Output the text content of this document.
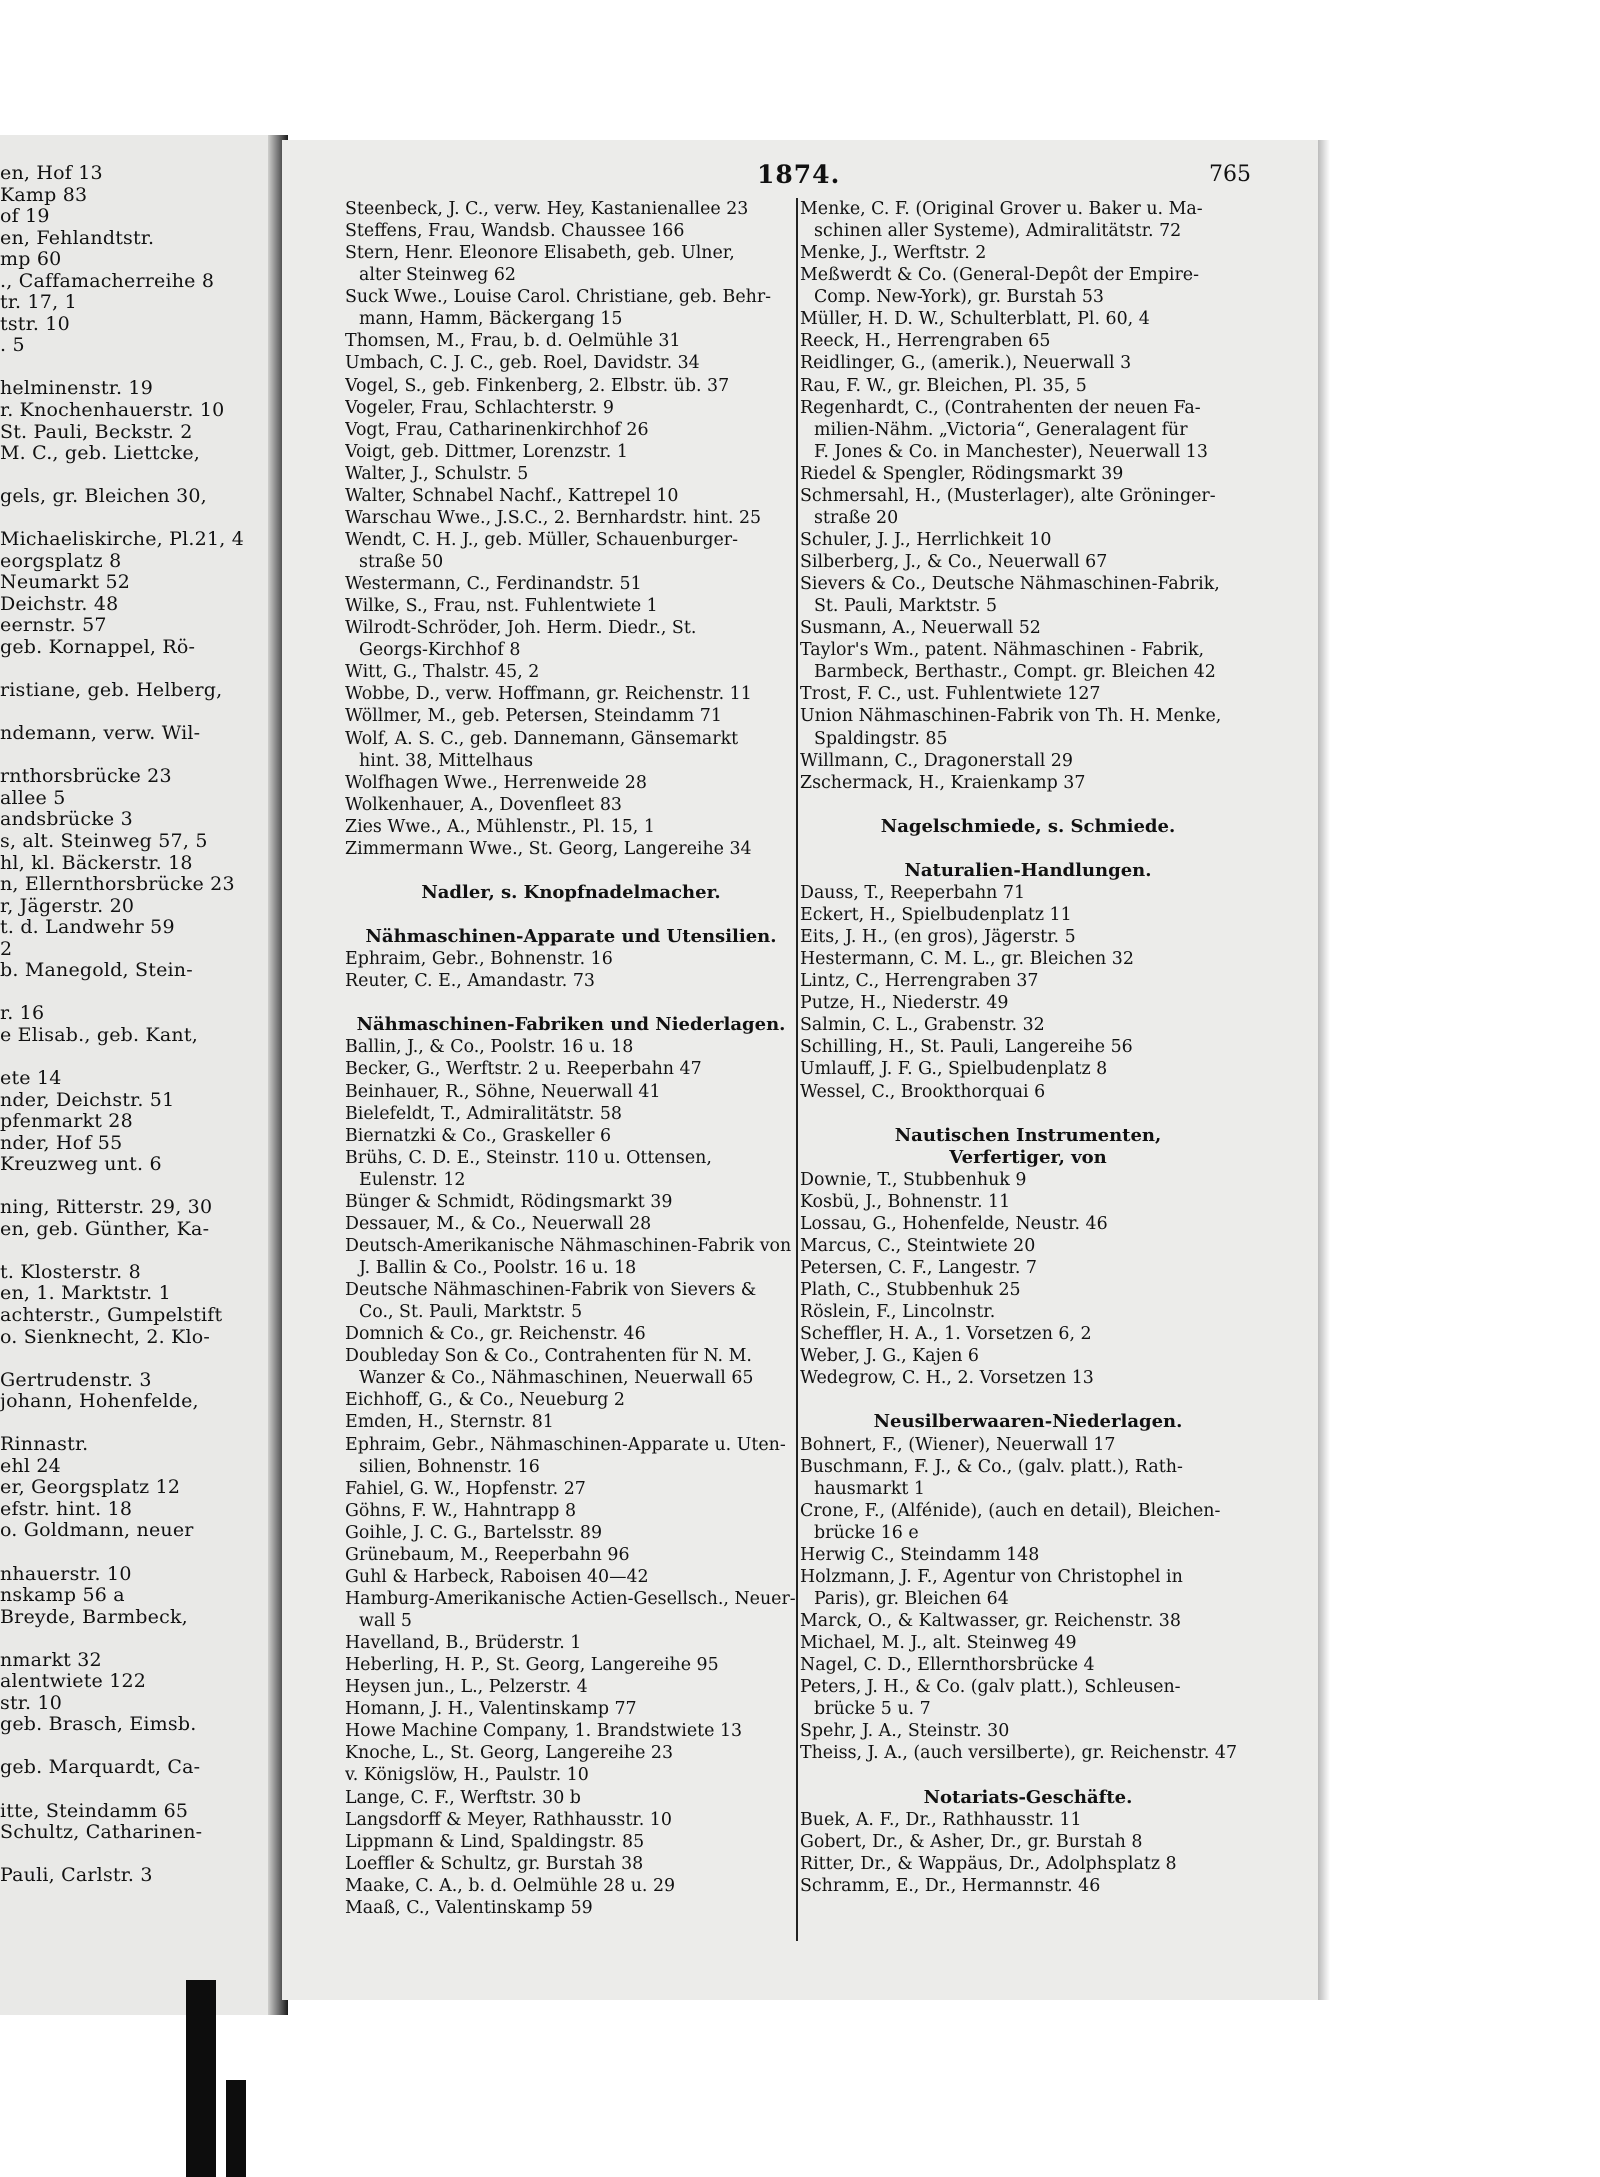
en, Hof 13
Kamp 83
of 19
en, Fehlandtstr.
mp 60
., Caffamacherreihe 8
tr. 17, 1
tstr. 10
. 5
helminenstr. 19
r. Knochenhauerstr. 10
St. Pauli, Beckstr. 2
M. C., geb. Liettcke,
gels, gr. Bleichen 30,
Michaeliskirche, Pl.21, 4
eorgsplatz 8
Neumarkt 52
Deichstr. 48
eernstr. 57
geb. Kornappel, Rö-
ristiane, geb. Helberg,
ndemann, verw. Wil-
rnthorsbrücke 23
allee 5
andsbrücke 3
s, alt. Steinweg 57, 5
hl, kl. Bäckerstr. 18
n, Ellernthorsbrücke 23
r, Jägerstr. 20
t. d. Landwehr 59
2
b. Manegold, Stein-
r. 16
e Elisab., geb. Kant,
ete 14
nder, Deichstr. 51
pfenmarkt 28
nder, Hof 55
Kreuzweg unt. 6
ning, Ritterstr. 29, 30
en, geb. Günther, Ka-
t. Klosterstr. 8
en, 1. Marktstr. 1
achterstr., Gumpelstift
o. Sienknecht, 2. Klo-
Gertrudenstr. 3
johann, Hohenfelde,
Rinnastr.
ehl 24
er, Georgsplatz 12
efstr. hint. 18
o. Goldmann, neuer
nhauerstr. 10
nskamp 56 a
Breyde, Barmbeck,
nmarkt 32
alentwiete 122
str. 10
geb. Brasch, Eimsb.
geb. Marquardt, Ca-
itte, Steindamm 65
Schultz, Catharinen-
Pauli, Carlstr. 3
1874.	765
Steenbeck, J. C., verw. Hey, Kastanienallee 23
Steffens, Frau, Wandsb. Chaussee 166
Stern, Henr. Eleonore Elisabeth, geb. Ulner,
alter Steinweg 62
Suck Wwe., Louise Carol. Christiane, geb. Behr-
mann, Hamm, Bäckergang 15
Thomsen, M., Frau, b. d. Oelmühle 31
Umbach, C. J. C., geb. Roel, Davidstr. 34
Vogel, S., geb. Finkenberg, 2. Elbstr. üb. 37
Vogeler, Frau, Schlachterstr. 9
Vogt, Frau, Catharinenkirchhof 26
Voigt, geb. Dittmer, Lorenzstr. 1
Walter, J., Schulstr. 5
Walter, Schnabel Nachf., Kattrepel 10
Warschau Wwe., J.S.C., 2. Bernhardstr. hint. 25
Wendt, C. H. J., geb. Müller, Schauenburger-
straße 50
Westermann, C., Ferdinandstr. 51
Wilke, S., Frau, nst. Fuhlentwiete 1
Wilrodt-Schröder, Joh. Herm. Diedr., St.
Georgs-Kirchhof 8
Witt, G., Thalstr. 45, 2
Wobbe, D., verw. Hoffmann, gr. Reichenstr. 11
Wöllmer, M., geb. Petersen, Steindamm 71
Wolf, A. S. C., geb. Dannemann, Gänsemarkt
hint. 38, Mittelhaus
Wolfhagen Wwe., Herrenweide 28
Wolkenhauer, A., Dovenfleet 83
Zies Wwe., A., Mühlenstr., Pl. 15, 1
Zimmermann Wwe., St. Georg, Langereihe 34
Nadler, s. Knopfnadelmacher.
Nähmaschinen-Apparate und Utensilien.
Ephraim, Gebr., Bohnenstr. 16
Reuter, C. E., Amandastr. 73
Nähmaschinen-Fabriken und Niederlagen.
Ballin, J., & Co., Poolstr. 16 u. 18
Becker, G., Werftstr. 2 u. Reeperbahn 47
Beinhauer, R., Söhne, Neuerwall 41
Bielefeldt, T., Admiralitätstr. 58
Biernatzki & Co., Graskeller 6
Brühs, C. D. E., Steinstr. 110 u. Ottensen,
Eulenstr. 12
Bünger & Schmidt, Rödingsmarkt 39
Dessauer, M., & Co., Neuerwall 28
Deutsch-Amerikanische Nähmaschinen-Fabrik von
J. Ballin & Co., Poolstr. 16 u. 18
Deutsche Nähmaschinen-Fabrik von Sievers &
Co., St. Pauli, Marktstr. 5
Domnich & Co., gr. Reichenstr. 46
Doubleday Son & Co., Contrahenten für N. M.
Wanzer & Co., Nähmaschinen, Neuerwall 65
Eichhoff, G., & Co., Neueburg 2
Emden, H., Sternstr. 81
Ephraim, Gebr., Nähmaschinen-Apparate u. Uten-
silien, Bohnenstr. 16
Fahiel, G. W., Hopfenstr. 27
Göhns, F. W., Hahntrapp 8
Goihle, J. C. G., Bartelsstr. 89
Grünebaum, M., Reeperbahn 96
Guhl & Harbeck, Raboisen 40—42
Hamburg-Amerikanische Actien-Gesellsch., Neuer-
wall 5
Havelland, B., Brüderstr. 1
Heberling, H. P., St. Georg, Langereihe 95
Heysen jun., L., Pelzerstr. 4
Homann, J. H., Valentinskamp 77
Howe Machine Company, 1. Brandstwiete 13
Knoche, L., St. Georg, Langereihe 23
v. Königslöw, H., Paulstr. 10
Lange, C. F., Werftstr. 30 b
Langsdorff & Meyer, Rathhausstr. 10
Lippmann & Lind, Spaldingstr. 85
Loeffler & Schultz, gr. Burstah 38
Maake, C. A., b. d. Oelmühle 28 u. 29
Maaß, C., Valentinskamp 59
Menke, C. F. (Original Grover u. Baker u. Ma-
schinen aller Systeme), Admiralitätstr. 72
Menke, J., Werftstr. 2
Meßwerdt & Co. (General-Depôt der Empire-
Comp. New-York), gr. Burstah 53
Müller, H. D. W., Schulterblatt, Pl. 60, 4
Reeck, H., Herrengraben 65
Reidlinger, G., (amerik.), Neuerwall 3
Rau, F. W., gr. Bleichen, Pl. 35, 5
Regenhardt, C., (Contrahenten der neuen Fa-
milien-Nähm. „Victoria“, Generalagent für
F. Jones & Co. in Manchester), Neuerwall 13
Riedel & Spengler, Rödingsmarkt 39
Schmersahl, H., (Musterlager), alte Gröninger-
straße 20
Schuler, J. J., Herrlichkeit 10
Silberberg, J., & Co., Neuerwall 67
Sievers & Co., Deutsche Nähmaschinen-Fabrik,
St. Pauli, Marktstr. 5
Susmann, A., Neuerwall 52
Taylor's Wm., patent. Nähmaschinen - Fabrik,
Barmbeck, Berthastr., Compt. gr. Bleichen 42
Trost, F. C., ust. Fuhlentwiete 127
Union Nähmaschinen-Fabrik von Th. H. Menke,
Spaldingstr. 85
Willmann, C., Dragonerstall 29
Zschermack, H., Kraienkamp 37
Nagelschmiede, s. Schmiede.
Naturalien-Handlungen.
Dauss, T., Reeperbahn 71
Eckert, H., Spielbudenplatz 11
Eits, J. H., (en gros), Jägerstr. 5
Hestermann, C. M. L., gr. Bleichen 32
Lintz, C., Herrengraben 37
Putze, H., Niederstr. 49
Salmin, C. L., Grabenstr. 32
Schilling, H., St. Pauli, Langereihe 56
Umlauff, J. F. G., Spielbudenplatz 8
Wessel, C., Brookthorquai 6
Nautischen Instrumenten,
Verfertiger, von
Downie, T., Stubbenhuk 9
Kosbü, J., Bohnenstr. 11
Lossau, G., Hohenfelde, Neustr. 46
Marcus, C., Steintwiete 20
Petersen, C. F., Langestr. 7
Plath, C., Stubbenhuk 25
Röslein, F., Lincolnstr.
Scheffler, H. A., 1. Vorsetzen 6, 2
Weber, J. G., Kajen 6
Wedegrow, C. H., 2. Vorsetzen 13
Neusilberwaaren-Niederlagen.
Bohnert, F., (Wiener), Neuerwall 17
Buschmann, F. J., & Co., (galv. platt.), Rath-
hausmarkt 1
Crone, F., (Alfénide), (auch en detail), Bleichen-
brücke 16 e
Herwig C., Steindamm 148
Holzmann, J. F., Agentur von Christophel in
Paris), gr. Bleichen 64
Marck, O., & Kaltwasser, gr. Reichenstr. 38
Michael, M. J., alt. Steinweg 49
Nagel, C. D., Ellernthorsbrücke 4
Peters, J. H., & Co. (galv platt.), Schleusen-
brücke 5 u. 7
Spehr, J. A., Steinstr. 30
Theiss, J. A., (auch versilberte), gr. Reichenstr. 47
Notariats-Geschäfte.
Buek, A. F., Dr., Rathhausstr. 11
Gobert, Dr., & Asher, Dr., gr. Burstah 8
Ritter, Dr., & Wappäus, Dr., Adolphsplatz 8
Schramm, E., Dr., Hermannstr. 46
